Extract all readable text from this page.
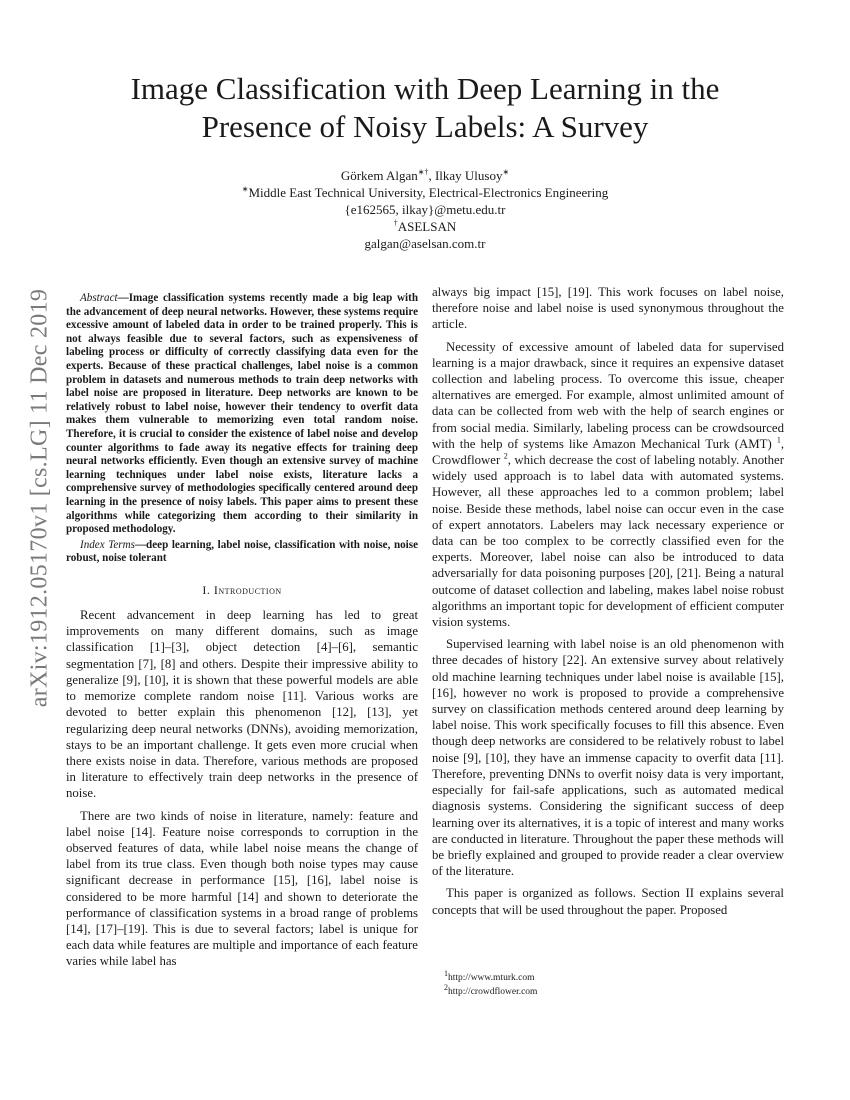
Image Classification with Deep Learning in the
Presence of Noisy Labels: A Survey
Görkem Algan∗†, Ilkay Ulusoy∗
∗Middle East Technical University, Electrical-Electronics Engineering
{e162565, ilkay}@metu.edu.tr
†ASELSAN
galgan@aselsan.com.tr
arXiv:1912.05170v1 [cs.LG] 11 Dec 2019	Abstract—Image classification systems recently made a big leap with the advancement of deep neural networks. However, these systems require excessive amount of labeled data in order to be trained properly. This is not always feasible due to several factors, such as expensiveness of labeling process or difficulty of correctly classifying data even for the experts. Because of these practical challenges, label noise is a common problem in datasets and numerous methods to train deep networks with label noise are proposed in literature. Deep networks are known to be relatively robust to label noise, however their tendency to overfit data makes them vulnerable to memorizing even total random noise. Therefore, it is crucial to consider the existence of label noise and develop counter algorithms to fade away its negative effects for training deep neural networks efficiently. Even though an extensive survey of machine learning techniques under label noise exists, literature lacks a comprehensive survey of methodologies specifically centered around deep learning in the presence of noisy labels. This paper aims to present these algorithms while categorizing them according to their similarity in proposed methodology.

Index Terms—deep learning, label noise, classification with noise, noise robust, noise tolerant

I. Introduction

Recent advancement in deep learning has led to great improvements on many different domains, such as image classification [1]–[3], object detection [4]–[6], semantic segmentation [7], [8] and others. Despite their impressive ability to generalize [9], [10], it is shown that these powerful models are able to memorize complete random noise [11]. Various works are devoted to better explain this phenomenon [12], [13], yet regularizing deep neural networks (DNNs), avoiding memorization, stays to be an important challenge. It gets even more crucial when there exists noise in data. Therefore, various methods are proposed in literature to effectively train deep networks in the presence of noise.

There are two kinds of noise in literature, namely: feature and label noise [14]. Feature noise corresponds to corruption in the observed features of data, while label noise means the change of label from its true class. Even though both noise types may cause significant decrease in performance [15], [16], label noise is considered to be more harmful [14] and shown to deteriorate the performance of classification systems in a broad range of problems [14], [17]–[19]. This is due to several factors; label is unique for each data while features are multiple and importance of each feature varies while label has

always big impact [15], [19]. This work focuses on label noise, therefore noise and label noise is used synonymous throughout the article.

Necessity of excessive amount of labeled data for supervised learning is a major drawback, since it requires an expensive dataset collection and labeling process. To overcome this issue, cheaper alternatives are emerged. For example, almost unlimited amount of data can be collected from web with the help of search engines or from social media. Similarly, labeling process can be crowdsourced with the help of systems like Amazon Mechanical Turk (AMT) $^1$, Crowdflower $^2$, which decrease the cost of labeling notably. Another widely used approach is to label data with automated systems. However, all these approaches led to a common problem; label noise. Beside these methods, label noise can occur even in the case of expert annotators. Labelers may lack necessary experience or data can be too complex to be correctly classified even for the experts. Moreover, label noise can also be introduced to data adversarially for data poisoning purposes [20], [21]. Being a natural outcome of dataset collection and labeling, makes label noise robust algorithms an important topic for development of efficient computer vision systems.

Supervised learning with label noise is an old phenomenon with three decades of history [22]. An extensive survey about relatively old machine learning techniques under label noise is available [15], [16], however no work is proposed to provide a comprehensive survey on classification methods centered around deep learning by label noise. This work specifically focuses to fill this absence. Even though deep networks are considered to be relatively robust to label noise [9], [10], they have an immense capacity to overfit data [11]. Therefore, preventing DNNs to overfit noisy data is very important, especially for fail-safe applications, such as automated medical diagnosis systems. Considering the significant success of deep learning over its alternatives, it is a topic of interest and many works are conducted in literature. Throughout the paper these methods will be briefly explained and grouped to provide reader a clear overview of the literature.

This paper is organized as follows. Section II explains several concepts that will be used throughout the paper. Proposed

$^1$http://www.mturk.com
$^2$http://crowdflower.com
